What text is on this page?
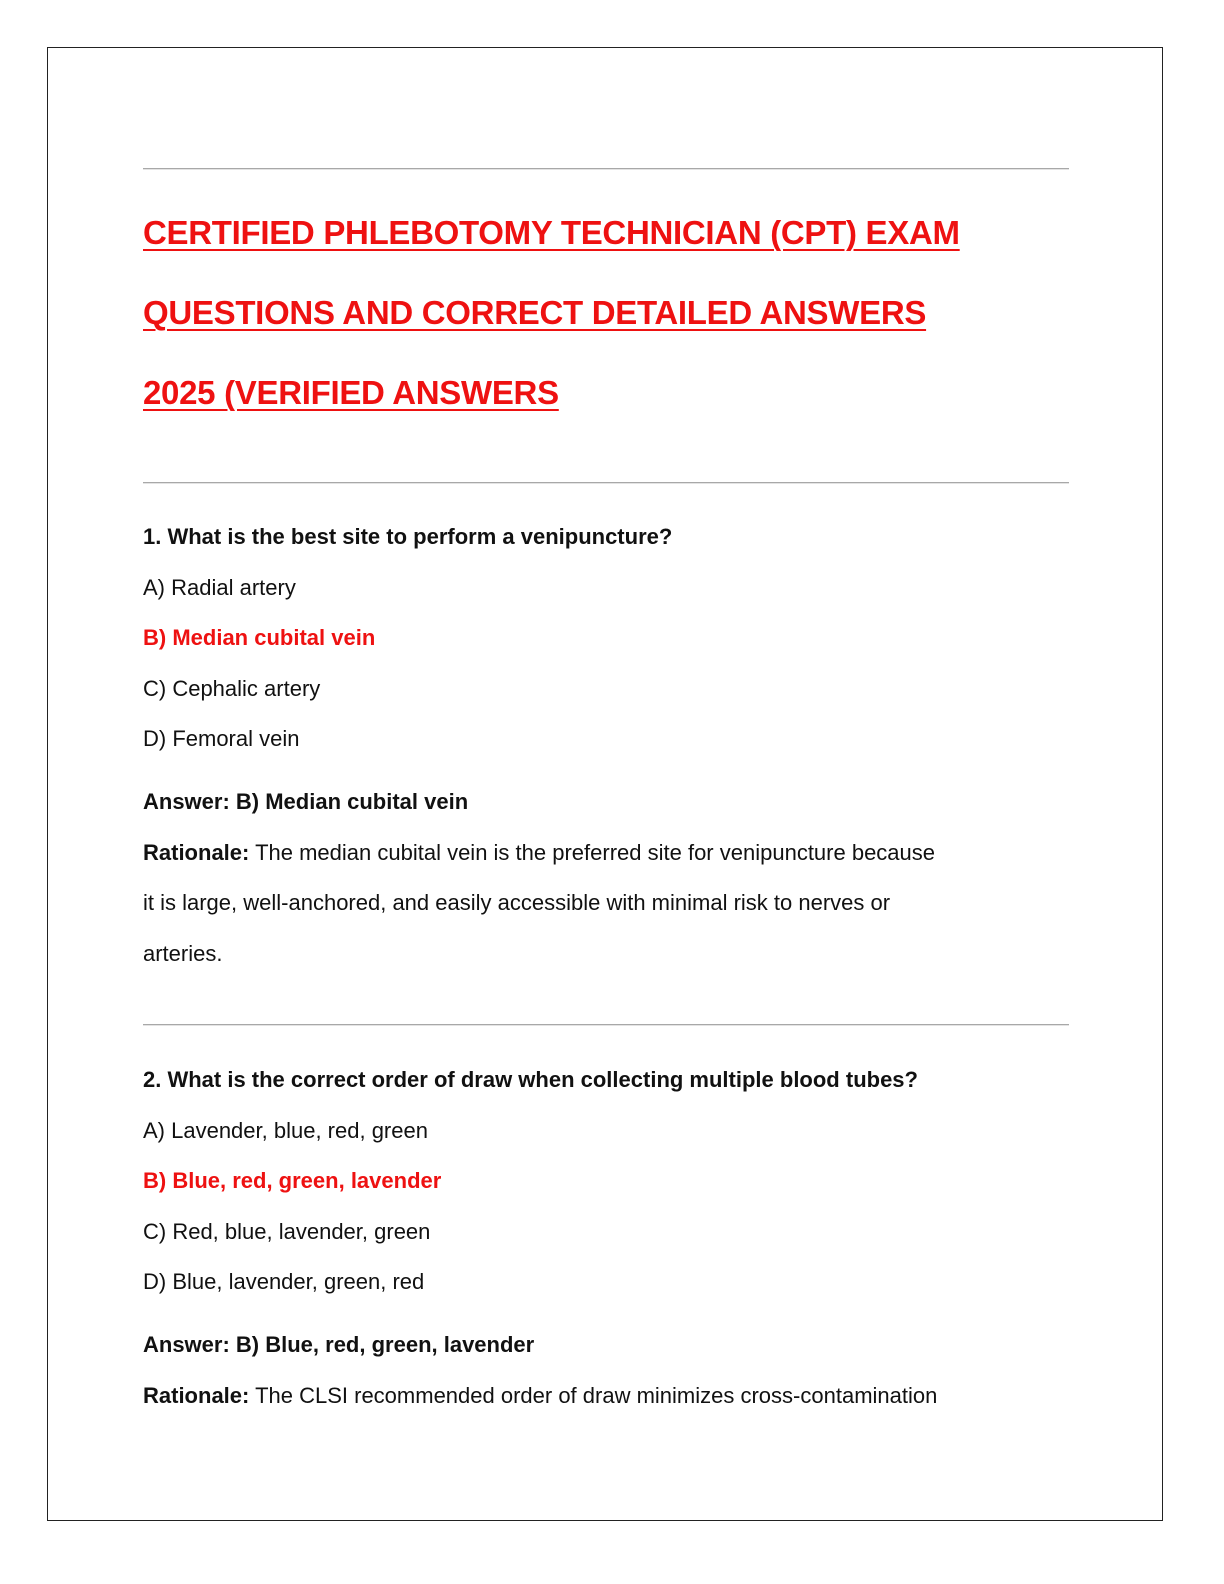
CERTIFIED PHLEBOTOMY TECHNICIAN (CPT) EXAM
QUESTIONS AND CORRECT DETAILED ANSWERS
2025 (VERIFIED ANSWERS

1. What is the best site to perform a venipuncture?

A) Radial artery

B) Median cubital vein

C) Cephalic artery

D) Femoral vein

Answer: B) Median cubital vein

Rationale: The median cubital vein is the preferred site for venipuncture because

it is large, well-anchored, and easily accessible with minimal risk to nerves or

arteries.

2. What is the correct order of draw when collecting multiple blood tubes?

A) Lavender, blue, red, green

B) Blue, red, green, lavender

C) Red, blue, lavender, green

D) Blue, lavender, green, red

Answer: B) Blue, red, green, lavender

Rationale: The CLSI recommended order of draw minimizes cross-contamination
